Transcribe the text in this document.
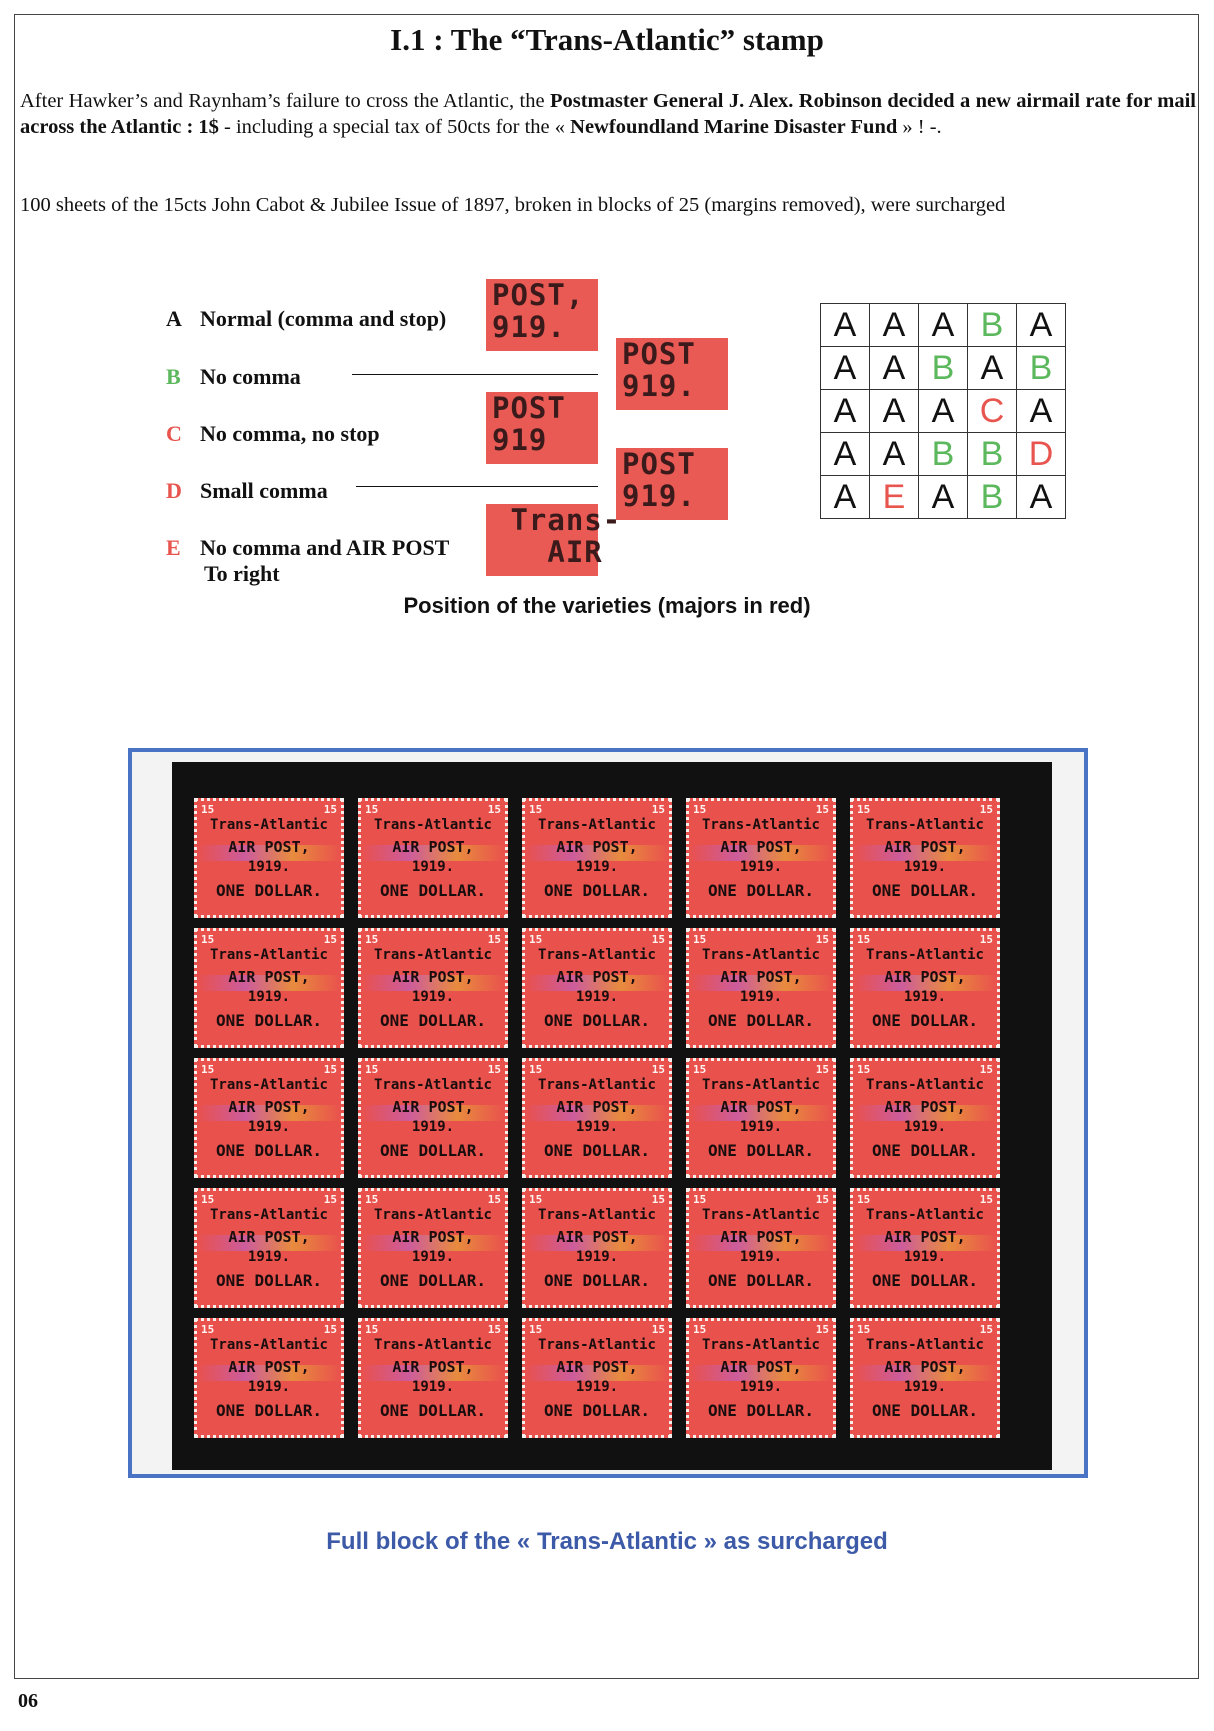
I.1 : The “Trans-Atlantic” stamp
After Hawker’s and Raynham’s failure to cross the Atlantic, the Postmaster General J. Alex. Robinson decided a new airmail rate for mail across the Atlantic : 1$ - including a special tax of 50cts for the « Newfoundland Marine Disaster Fund » ! -.
100 sheets of the 15cts John Cabot & Jubilee Issue of 1897, broken in blocks of 25 (margins removed), were surcharged
A Normal (comma and stop)
B No comma
C No comma, no stop
D Small comma
E No comma and AIR POST
To right
POST,
919.
POST
919.
POST
919
POST
919.
Trans-
AIR
A	A	A	B	A
A	A	B	A	B
A	A	A	C	A
A	A	B	B	D
A	E	A	B	A
Position of the varieties (majors in red)
15	15
Trans-Atlantic
AIR POST,
1919.
ONE DOLLAR.
15	15
Trans-Atlantic
AIR POST,
1919.
ONE DOLLAR.
15	15
Trans-Atlantic
AIR POST,
1919.
ONE DOLLAR.
15	15
Trans-Atlantic
AIR POST,
1919.
ONE DOLLAR.
15	15
Trans-Atlantic
AIR POST,
1919.
ONE DOLLAR.
15	15
Trans-Atlantic
AIR POST,
1919.
ONE DOLLAR.
15	15
Trans-Atlantic
AIR POST,
1919.
ONE DOLLAR.
15	15
Trans-Atlantic
AIR POST,
1919.
ONE DOLLAR.
15	15
Trans-Atlantic
AIR POST,
1919.
ONE DOLLAR.
15	15
Trans-Atlantic
AIR POST,
1919.
ONE DOLLAR.
15	15
Trans-Atlantic
AIR POST,
1919.
ONE DOLLAR.
15	15
Trans-Atlantic
AIR POST,
1919.
ONE DOLLAR.
15	15
Trans-Atlantic
AIR POST,
1919.
ONE DOLLAR.
15	15
Trans-Atlantic
AIR POST,
1919.
ONE DOLLAR.
15	15
Trans-Atlantic
AIR POST,
1919.
ONE DOLLAR.
15	15
Trans-Atlantic
AIR POST,
1919.
ONE DOLLAR.
15	15
Trans-Atlantic
AIR POST,
1919.
ONE DOLLAR.
15	15
Trans-Atlantic
AIR POST,
1919.
ONE DOLLAR.
15	15
Trans-Atlantic
AIR POST,
1919.
ONE DOLLAR.
15	15
Trans-Atlantic
AIR POST,
1919.
ONE DOLLAR.
15	15
Trans-Atlantic
AIR POST,
1919.
ONE DOLLAR.
15	15
Trans-Atlantic
AIR POST,
1919.
ONE DOLLAR.
15	15
Trans-Atlantic
AIR POST,
1919.
ONE DOLLAR.
15	15
Trans-Atlantic
AIR POST,
1919.
ONE DOLLAR.
15	15
Trans-Atlantic
AIR POST,
1919.
ONE DOLLAR.
Full block of the « Trans-Atlantic » as surcharged
06
